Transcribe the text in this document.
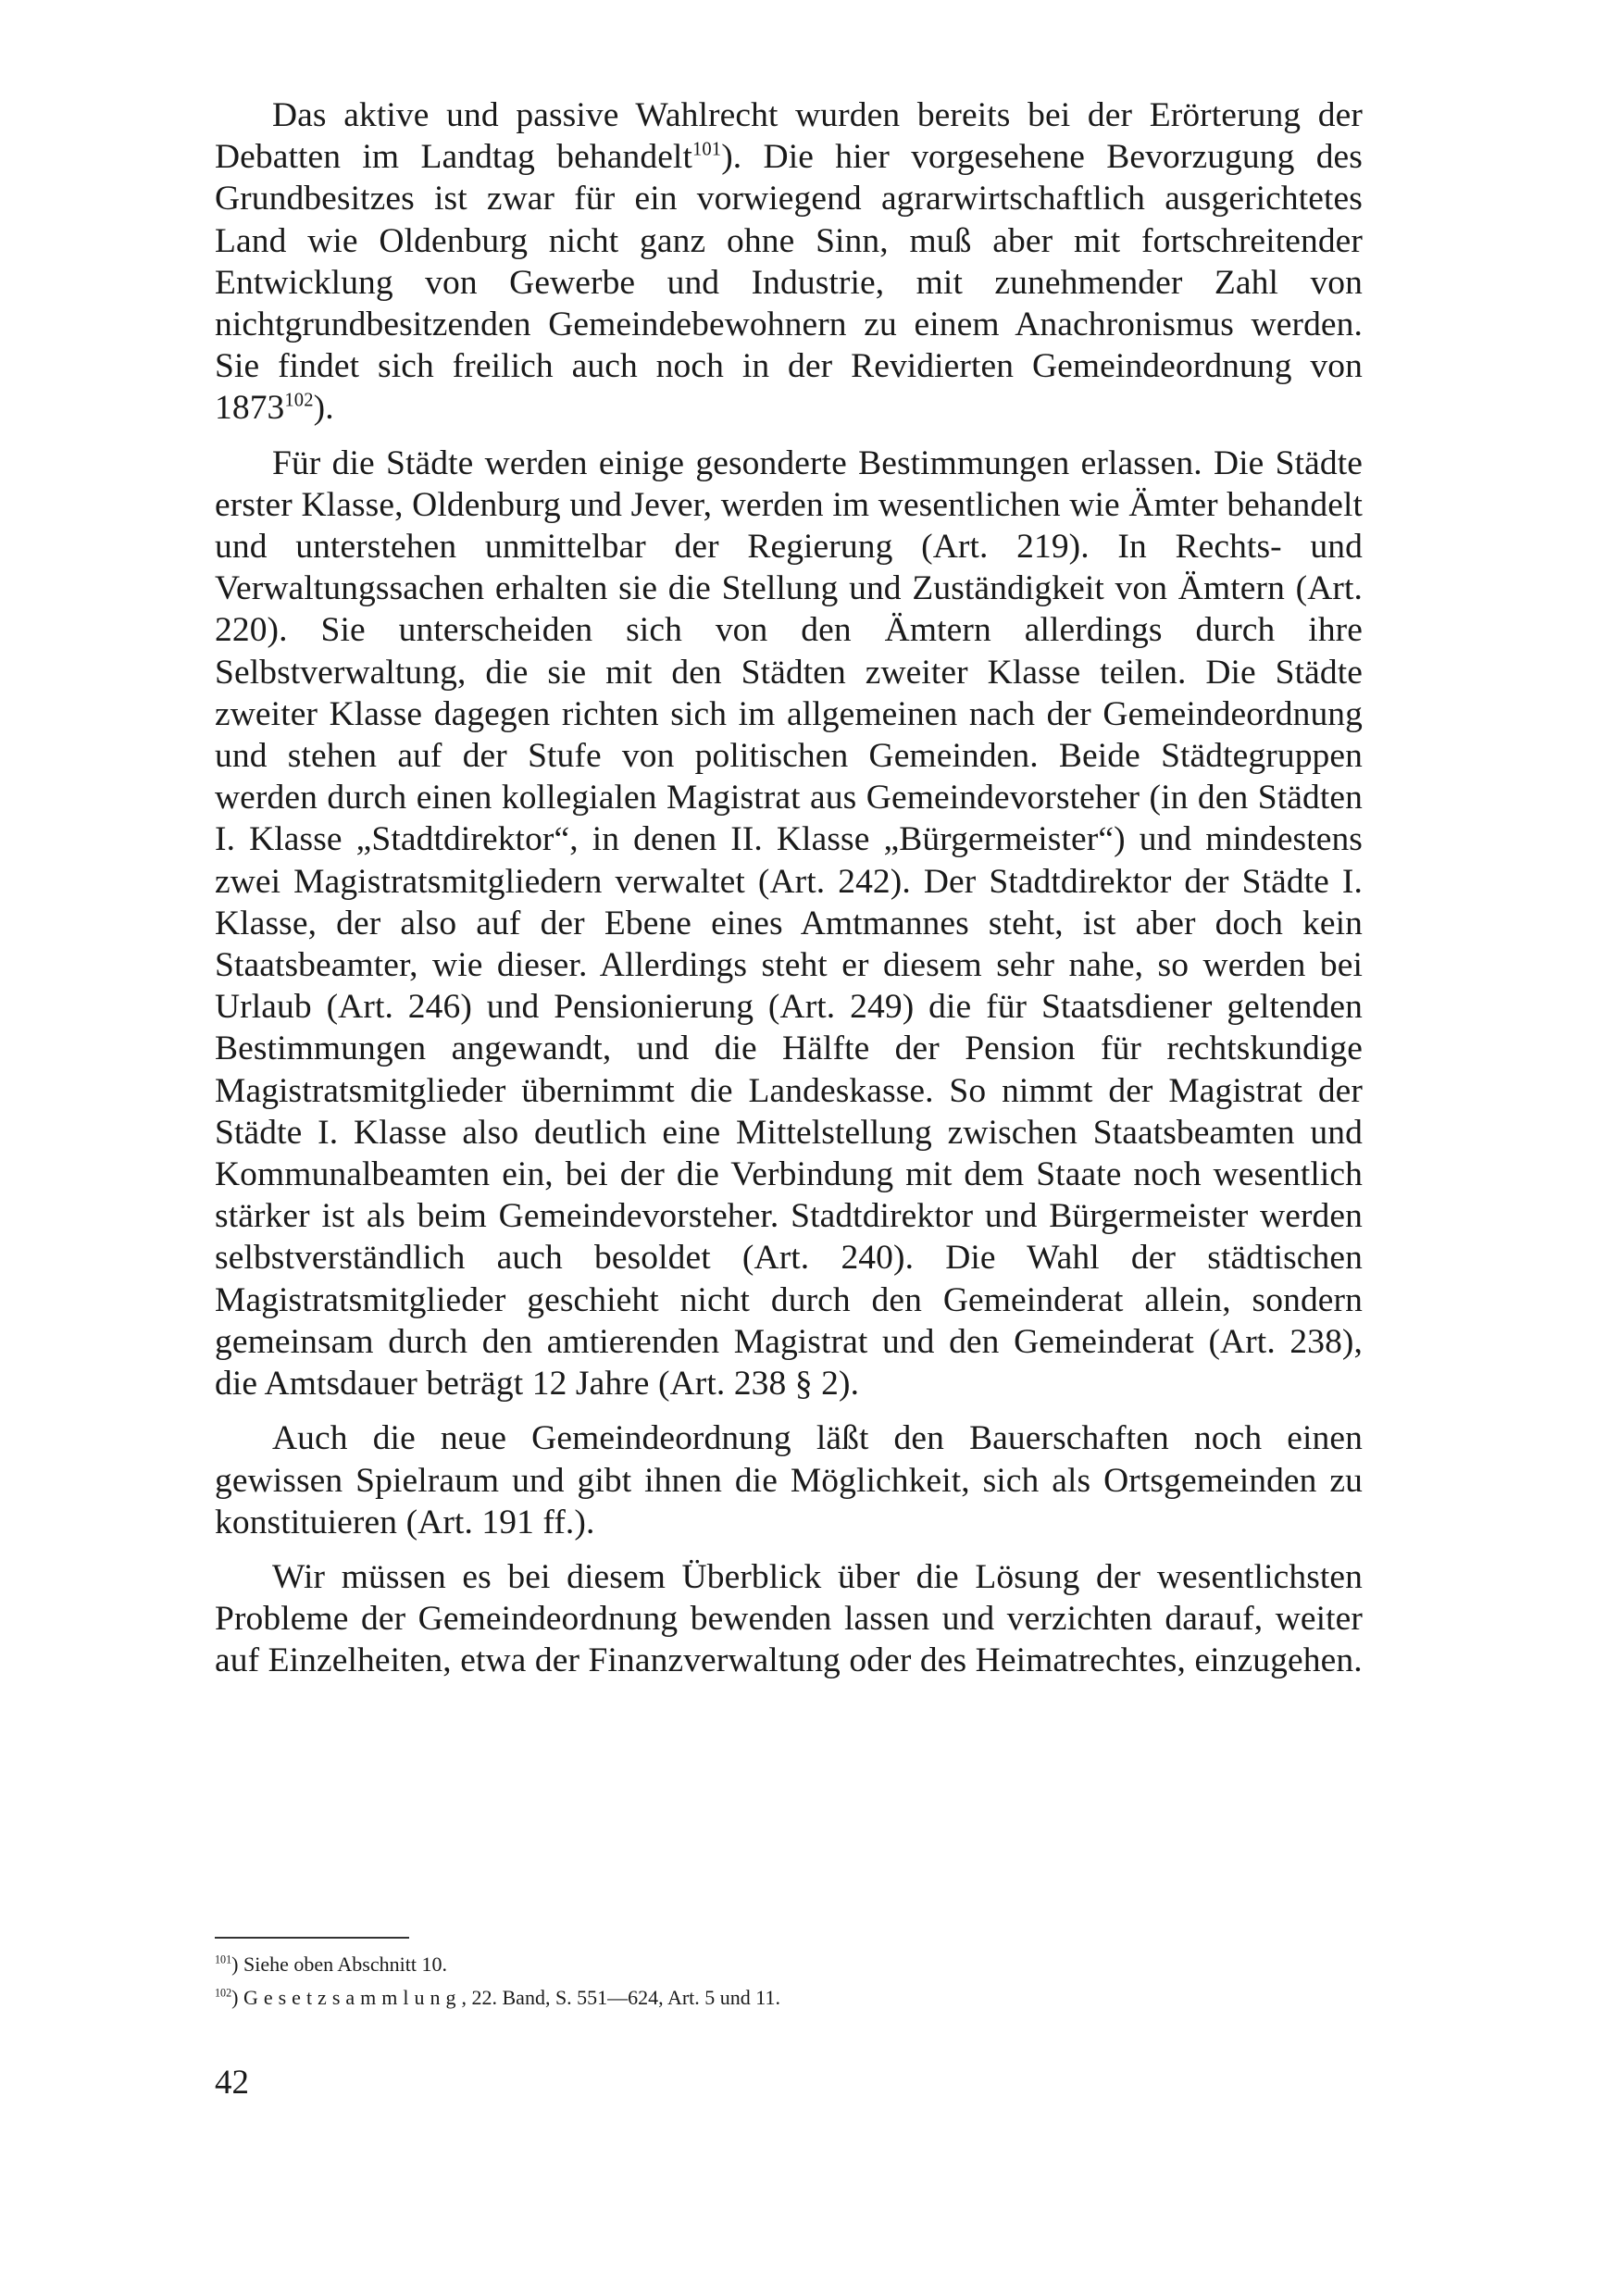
Das aktive und passive Wahlrecht wurden bereits bei der Erörterung der Debatten im Landtag behandelt$^{101}$). Die hier vorgesehene Bevorzugung des Grundbesitzes ist zwar für ein vorwiegend agrarwirtschaftlich ausgerichtetes Land wie Oldenburg nicht ganz ohne Sinn, muß aber mit fortschreitender Entwicklung von Gewerbe und Industrie, mit zunehmender Zahl von nichtgrundbesitzenden Gemeindebewohnern zu einem Anachronismus werden. Sie findet sich freilich auch noch in der Revidierten Gemeindeordnung von 1873$^{102}$).

Für die Städte werden einige gesonderte Bestimmungen erlassen. Die Städte erster Klasse, Oldenburg und Jever, werden im wesentlichen wie Ämter behandelt und unterstehen unmittelbar der Regierung (Art. 219). In Rechts- und Verwaltungssachen erhalten sie die Stellung und Zuständigkeit von Ämtern (Art. 220). Sie unterscheiden sich von den Ämtern allerdings durch ihre Selbstverwaltung, die sie mit den Städten zweiter Klasse teilen. Die Städte zweiter Klasse dagegen richten sich im allgemeinen nach der Gemeindeordnung und stehen auf der Stufe von politischen Gemeinden. Beide Städtegruppen werden durch einen kollegialen Magistrat aus Gemeindevorsteher (in den Städten I. Klasse „Stadtdirektor“, in denen II. Klasse „Bürgermeister“) und mindestens zwei Magistratsmitgliedern verwaltet (Art. 242). Der Stadtdirektor der Städte I. Klasse, der also auf der Ebene eines Amtmannes steht, ist aber doch kein Staatsbeamter, wie dieser. Allerdings steht er diesem sehr nahe, so werden bei Urlaub (Art. 246) und Pensionierung (Art. 249) die für Staatsdiener geltenden Bestimmungen angewandt, und die Hälfte der Pension für rechtskundige Magistratsmitglieder übernimmt die Landeskasse. So nimmt der Magistrat der Städte I. Klasse also deutlich eine Mittelstellung zwischen Staatsbeamten und Kommunalbeamten ein, bei der die Verbindung mit dem Staate noch wesentlich stärker ist als beim Gemeindevorsteher. Stadtdirektor und Bürgermeister werden selbstverständlich auch besoldet (Art. 240). Die Wahl der städtischen Magistratsmitglieder geschieht nicht durch den Gemeinderat allein, sondern gemeinsam durch den amtierenden Magistrat und den Gemeinderat (Art. 238), die Amtsdauer beträgt 12 Jahre (Art. 238 § 2).

Auch die neue Gemeindeordnung läßt den Bauerschaften noch einen gewissen Spielraum und gibt ihnen die Möglichkeit, sich als Ortsgemeinden zu konstituieren (Art. 191 ff.).

Wir müssen es bei diesem Überblick über die Lösung der wesentlichsten Probleme der Gemeindeordnung bewenden lassen und verzichten darauf, weiter auf Einzelheiten, etwa der Finanzverwaltung oder des Heimatrechtes, einzugehen.

$^{101}$) Siehe oben Abschnitt 10.
$^{102}$) Gesetzsammlung, 22. Band, S. 551—624, Art. 5 und 11.
42
